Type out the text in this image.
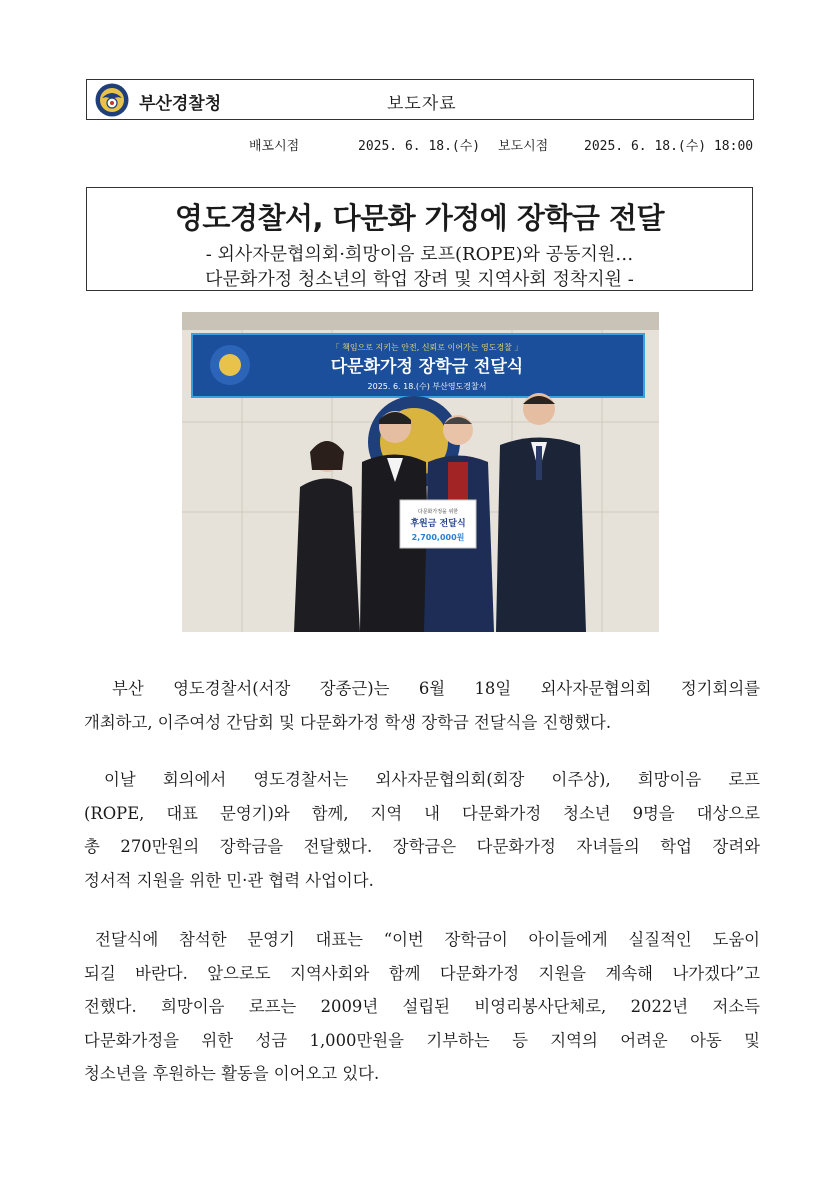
부산경찰청	보도자료
배포시점	2025. 6. 18.(수) 보도시점	2025. 6. 18.(수) 18:00
영도경찰서, 다문화 가정에 장학금 전달
- 외사자문협의회·희망이음 로프(ROPE)와 공동지원…
다문화가정 청소년의 학업 장려 및 지역사회 정착지원 -
「 책임으로 지키는 안전, 신뢰로 이어가는 영도경찰 」
다문화가정 장학금 전달식
2025. 6. 18.(수) 부산영도경찰서
다문화가정을 위한
후원금 전달식
2,700,000원
부산 영도경찰서(서장 장종근)는 6월 18일 외사자문협의회 정기회의를
개최하고, 이주여성 간담회 및 다문화가정 학생 장학금 전달식을 진행했다.
이날 회의에서 영도경찰서는 외사자문협의회(회장 이주상), 희망이음 로프
(ROPE, 대표 문영기)와 함께, 지역 내 다문화가정 청소년 9명을 대상으로
총 270만원의 장학금을 전달했다. 장학금은 다문화가정 자녀들의 학업 장려와
정서적 지원을 위한 민·관 협력 사업이다.
전달식에 참석한 문영기 대표는 “이번 장학금이 아이들에게 실질적인 도움이
되길 바란다. 앞으로도 지역사회와 함께 다문화가정 지원을 계속해 나가겠다”고
전했다. 희망이음 로프는 2009년 설립된 비영리봉사단체로, 2022년 저소득
다문화가정을 위한 성금 1,000만원을 기부하는 등 지역의 어려운 아동 및
청소년을 후원하는 활동을 이어오고 있다.
